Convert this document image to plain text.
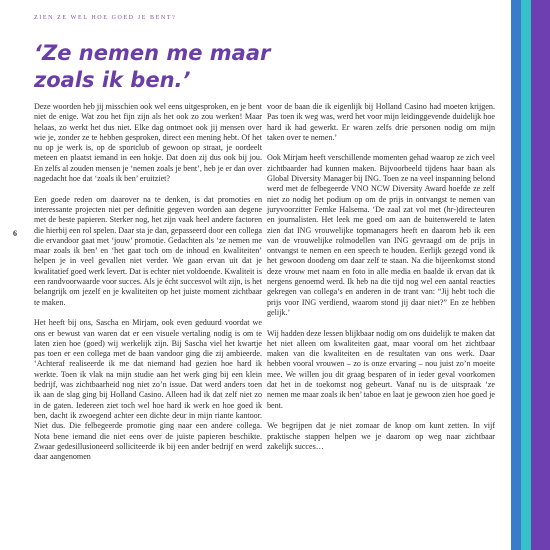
ZIEN ZE WEL HOE GOED JE BENT?
‘Ze nemen me maar zoals ik ben.’
6

Deze woorden heb jij misschien ook wel eens uitgesproken, en je bent niet de enige. Wat zou het fijn zijn als het ook zo zou werken! Maar helaas, zo werkt het dus niet. Elke dag ontmoet ook jij mensen over wie je, zonder ze te hebben gesproken, direct een mening hebt. Of het nu op je werk is, op de sportclub of gewoon op straat, je oordeelt meteen en plaatst iemand in een hokje. Dat doen zij dus ook bij jou. En zelfs al zouden mensen je ‘nemen zoals je bent’, heb je er dan over nagedacht hoe dat ‘zoals ik ben’ eruitziet?

Een goede reden om daarover na te denken, is dat promoties en interessante projecten niet per definitie gegeven worden aan degene met de beste papieren. Sterker nog, het zijn vaak heel andere factoren die hierbij een rol spelen. Daar sta je dan, gepasseerd door een collega die ervandoor gaat met ‘jouw’ promotie. Gedachten als ‘ze nemen me maar zoals ik ben’ en ‘het gaat toch om de inhoud en kwaliteiten’ helpen je in veel gevallen niet verder. We gaan ervan uit dat je kwalitatief goed werk levert. Dat is echter niet voldoende. Kwaliteit is een randvoorwaarde voor succes. Als je écht succesvol wilt zijn, is het belangrijk om jezelf en je kwaliteiten op het juiste moment zichtbaar te maken.

Het heeft bij ons, Sascha en Mirjam, ook even geduurd voordat we ons er bewust van waren dat er een visuele vertaling nodig is om te laten zien hoe (goed) wij werkelijk zijn. Bij Sascha viel het kwartje pas toen er een collega met de baan vandoor ging die zij ambieerde. ‘Achteraf realiseerde ik me dat niemand had gezien hoe hard ik werkte. Toen ik vlak na mijn studie aan het werk ging bij een klein bedrijf, was zichtbaarheid nog niet zo’n issue. Dat werd anders toen ik aan de slag ging bij Holland Casino. Alleen had ik dat zelf niet zo in de gaten. Iedereen ziet toch wel hoe hard ik werk en hoe goed ik ben, dacht ik zwoegend achter een dichte deur in mijn riante kantoor. Niet dus. Die felbegeerde promotie ging naar een andere collega. Nota bene iemand die niet eens over de juiste papieren beschikte. Zwaar gedesillusioneerd solliciteerde ik bij een ander bedrijf en werd daar aangenomen

voor de baan die ik eigenlijk bij Holland Casino had moeten krijgen. Pas toen ik weg was, werd het voor mijn leidinggevende duidelijk hoe hard ik had gewerkt. Er waren zelfs drie personen nodig om mijn taken over te nemen.’

Ook Mirjam heeft verschillende momenten gehad waarop ze zich veel zichtbaarder had kunnen maken. Bijvoorbeeld tijdens haar baan als Global Diversity Manager bij ING. Toen ze na veel inspanning belond werd met de felbegeerde VNO NCW Diversity Award hoefde ze zelf niet zo nodig het podium op om de prijs in ontvangst te nemen van juryvoorzitter Femke Halsema. ‘De zaal zat vol met (hr-)directeuren en journalisten. Het leek me goed om aan de buitenwereld te laten zien dat ING vrouwelijke topmanagers heeft en daarom heb ik een van de vrouwelijke rolmodellen van ING gevraagd om de prijs in ontvangst te nemen en een speech te houden. Eerlijk gezegd vond ik het gewoon doodeng om daar zelf te staan. Na die bijeenkomst stond deze vrouw met naam en foto in alle media en baalde ik ervan dat ik nergens genoemd werd. Ik heb na die tijd nog wel een aantal reacties gekregen van collega’s en anderen in de trant van: “Jij hebt toch die prijs voor ING verdiend, waarom stond jij daar niet?” En ze hebben gelijk.’

Wij hadden deze lessen blijkbaar nodig om ons duidelijk te maken dat het niet alleen om kwaliteiten gaat, maar vooral om het zichtbaar maken van die kwaliteiten en de resultaten van ons werk. Daar hebben vooral vrouwen – zo is onze ervaring – nou juist zo’n moeite mee. We willen jou dit graag besparen of in ieder geval voorkomen dat het in de toekomst nog gebeurt. Vanaf nu is de uitspraak ‘ze nemen me maar zoals ik ben’ taboe en laat je gewoon zien hoe goed je bent.

We begrijpen dat je niet zomaar de knop om kunt zetten. In vijf praktische stappen helpen we je daarom op weg naar zichtbaar zakelijk succes…
